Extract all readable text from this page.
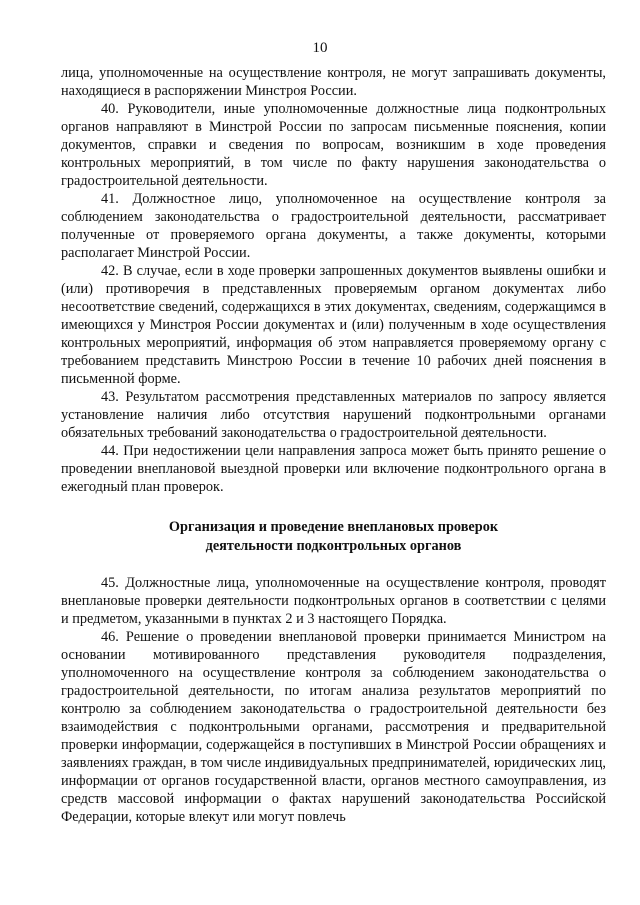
10

лица, уполномоченные на осуществление контроля, не могут запрашивать документы, находящиеся в распоряжении Минстроя России.

40. Руководители, иные уполномоченные должностные лица подконтрольных органов направляют в Минстрой России по запросам письменные пояснения, копии документов, справки и сведения по вопросам, возникшим в ходе проведения контрольных мероприятий, в том числе по факту нарушения законодательства о градостроительной деятельности.

41. Должностное лицо, уполномоченное на осуществление контроля за соблюдением законодательства о градостроительной деятельности, рассматривает полученные от проверяемого органа документы, а также документы, которыми располагает Минстрой России.

42. В случае, если в ходе проверки запрошенных документов выявлены ошибки и (или) противоречия в представленных проверяемым органом документах либо несоответствие сведений, содержащихся в этих документах, сведениям, содержащимся в имеющихся у Минстроя России документах и (или) полученным в ходе осуществления контрольных мероприятий, информация об этом направляется проверяемому органу с требованием представить Минстрою России в течение 10 рабочих дней пояснения в письменной форме.

43. Результатом рассмотрения представленных материалов по запросу является установление наличия либо отсутствия нарушений подконтрольными органами обязательных требований законодательства о градостроительной деятельности.

44. При недостижении цели направления запроса может быть принято решение о проведении внеплановой выездной проверки или включение подконтрольного органа в ежегодный план проверок.

Организация и проведение внеплановых проверок
деятельности подконтрольных органов

45. Должностные лица, уполномоченные на осуществление контроля, проводят внеплановые проверки деятельности подконтрольных органов в соответствии с целями и предметом, указанными в пунктах 2 и 3 настоящего Порядка.

46. Решение о проведении внеплановой проверки принимается Министром на основании мотивированного представления руководителя подразделения, уполномоченного на осуществление контроля за соблюдением законодательства о градостроительной деятельности, по итогам анализа результатов мероприятий по контролю за соблюдением законодательства о градостроительной деятельности без взаимодействия с подконтрольными органами, рассмотрения и предварительной проверки информации, содержащейся в поступивших в Минстрой России обращениях и заявлениях граждан, в том числе индивидуальных предпринимателей, юридических лиц, информации от органов государственной власти, органов местного самоуправления, из средств массовой информации о фактах нарушений законодательства Российской Федерации, которые влекут или могут повлечь
